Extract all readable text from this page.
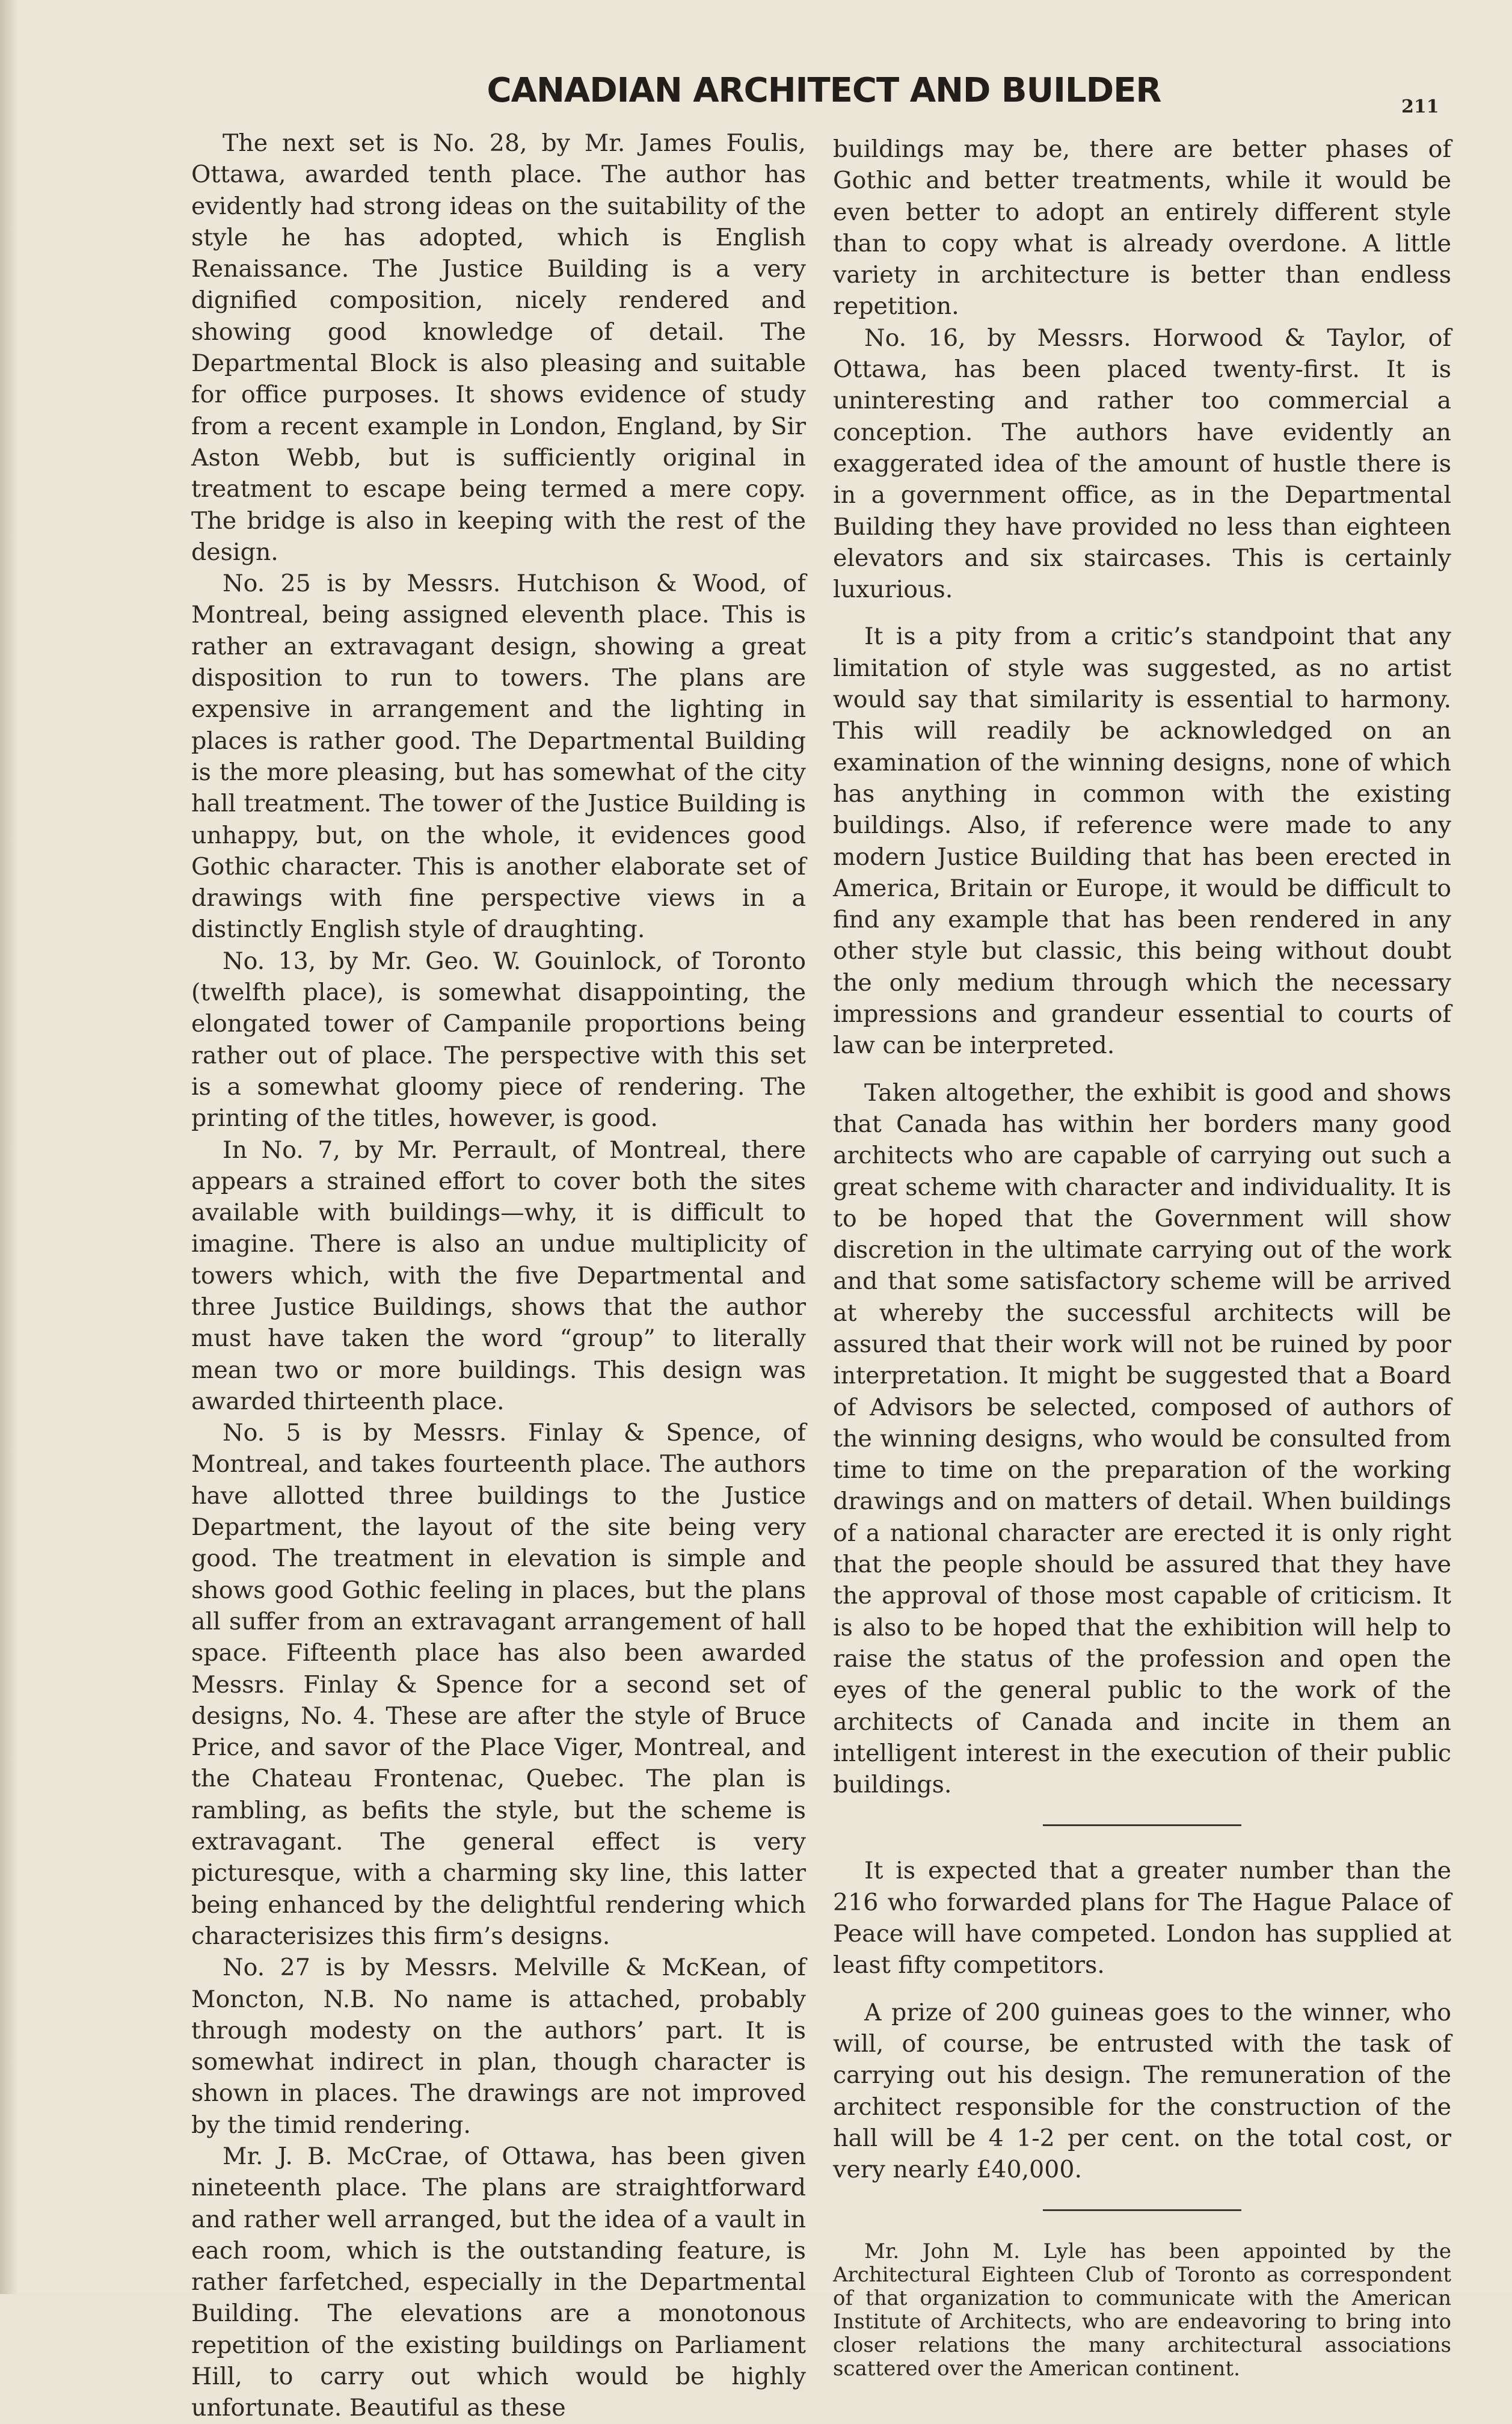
CANADIAN ARCHITECT AND BUILDER	211

The next set is No. 28, by Mr. James Foulis, Ottawa, awarded tenth place. The author has evidently had strong ideas on the suitability of the style he has adopted, which is English Renaissance. The Justice Building is a very dignified composition, nicely rendered and showing good knowledge of detail. The Departmental Block is also pleasing and suitable for office purposes. It shows evidence of study from a recent example in London, England, by Sir Aston Webb, but is sufficiently original in treatment to escape being termed a mere copy. The bridge is also in keeping with the rest of the design.

No. 25 is by Messrs. Hutchison & Wood, of Montreal, being assigned eleventh place. This is rather an extravagant design, showing a great disposition to run to towers. The plans are expensive in arrangement and the lighting in places is rather good. The Departmental Building is the more pleasing, but has somewhat of the city hall treatment. The tower of the Justice Building is unhappy, but, on the whole, it evidences good Gothic character. This is another elaborate set of drawings with fine perspective views in a distinctly English style of draughting.

No. 13, by Mr. Geo. W. Gouinlock, of Toronto (twelfth place), is somewhat disappointing, the elongated tower of Campanile proportions being rather out of place. The perspective with this set is a somewhat gloomy piece of rendering. The printing of the titles, however, is good.

In No. 7, by Mr. Perrault, of Montreal, there appears a strained effort to cover both the sites available with buildings—why, it is difficult to imagine. There is also an undue multiplicity of towers which, with the five Departmental and three Justice Buildings, shows that the author must have taken the word “group” to literally mean two or more buildings. This design was awarded thirteenth place.

No. 5 is by Messrs. Finlay & Spence, of Montreal, and takes fourteenth place. The authors have allotted three buildings to the Justice Department, the layout of the site being very good. The treatment in elevation is simple and shows good Gothic feeling in places, but the plans all suffer from an extravagant arrangement of hall space. Fifteenth place has also been awarded Messrs. Finlay & Spence for a second set of designs, No. 4. These are after the style of Bruce Price, and savor of the Place Viger, Montreal, and the Chateau Frontenac, Quebec. The plan is rambling, as befits the style, but the scheme is extravagant. The general effect is very picturesque, with a charming sky line, this latter being enhanced by the delightful rendering which characterisizes this firm’s designs.

No. 27 is by Messrs. Melville & McKean, of Moncton, N.B. No name is attached, probably through modesty on the authors’ part. It is somewhat indirect in plan, though character is shown in places. The drawings are not improved by the timid rendering.

Mr. J. B. McCrae, of Ottawa, has been given nineteenth place. The plans are straightforward and rather well arranged, but the idea of a vault in each room, which is the outstanding feature, is rather farfetched, especially in the Departmental Building. The elevations are a monotonous repetition of the existing buildings on Parliament Hill, to carry out which would be highly unfortunate. Beautiful as these

buildings may be, there are better phases of Gothic and better treatments, while it would be even better to adopt an entirely different style than to copy what is already overdone. A little variety in architecture is better than endless repetition.

No. 16, by Messrs. Horwood & Taylor, of Ottawa, has been placed twenty-first. It is uninteresting and rather too commercial a conception. The authors have evidently an exaggerated idea of the amount of hustle there is in a government office, as in the Departmental Building they have provided no less than eighteen elevators and six staircases. This is certainly luxurious.

It is a pity from a critic’s standpoint that any limitation of style was suggested, as no artist would say that similarity is essential to harmony. This will readily be acknowledged on an examination of the winning designs, none of which has anything in common with the existing buildings. Also, if reference were made to any modern Justice Building that has been erected in America, Britain or Europe, it would be difficult to find any example that has been rendered in any other style but classic, this being without doubt the only medium through which the necessary impressions and grandeur essential to courts of law can be interpreted.

Taken altogether, the exhibit is good and shows that Canada has within her borders many good architects who are capable of carrying out such a great scheme with character and individuality. It is to be hoped that the Government will show discretion in the ultimate carrying out of the work and that some satisfactory scheme will be arrived at whereby the successful architects will be assured that their work will not be ruined by poor interpretation. It might be suggested that a Board of Advisors be selected, composed of authors of the winning designs, who would be consulted from time to time on the preparation of the working drawings and on matters of detail. When buildings of a national character are erected it is only right that the people should be assured that they have the approval of those most capable of criticism. It is also to be hoped that the exhibition will help to raise the status of the profession and open the eyes of the general public to the work of the architects of Canada and incite in them an intelligent interest in the execution of their public buildings.

It is expected that a greater number than the 216 who forwarded plans for The Hague Palace of Peace will have competed. London has supplied at least fifty competitors.

A prize of 200 guineas goes to the winner, who will, of course, be entrusted with the task of carrying out his design. The remuneration of the architect responsible for the construction of the hall will be 4 1-2 per cent. on the total cost, or very nearly £40,000.

Mr. John M. Lyle has been appointed by the Architectural Eighteen Club of Toronto as correspondent of that organization to communicate with the American Institute of Architects, who are endeavoring to bring into closer relations the many architectural associations scattered over the American continent.
